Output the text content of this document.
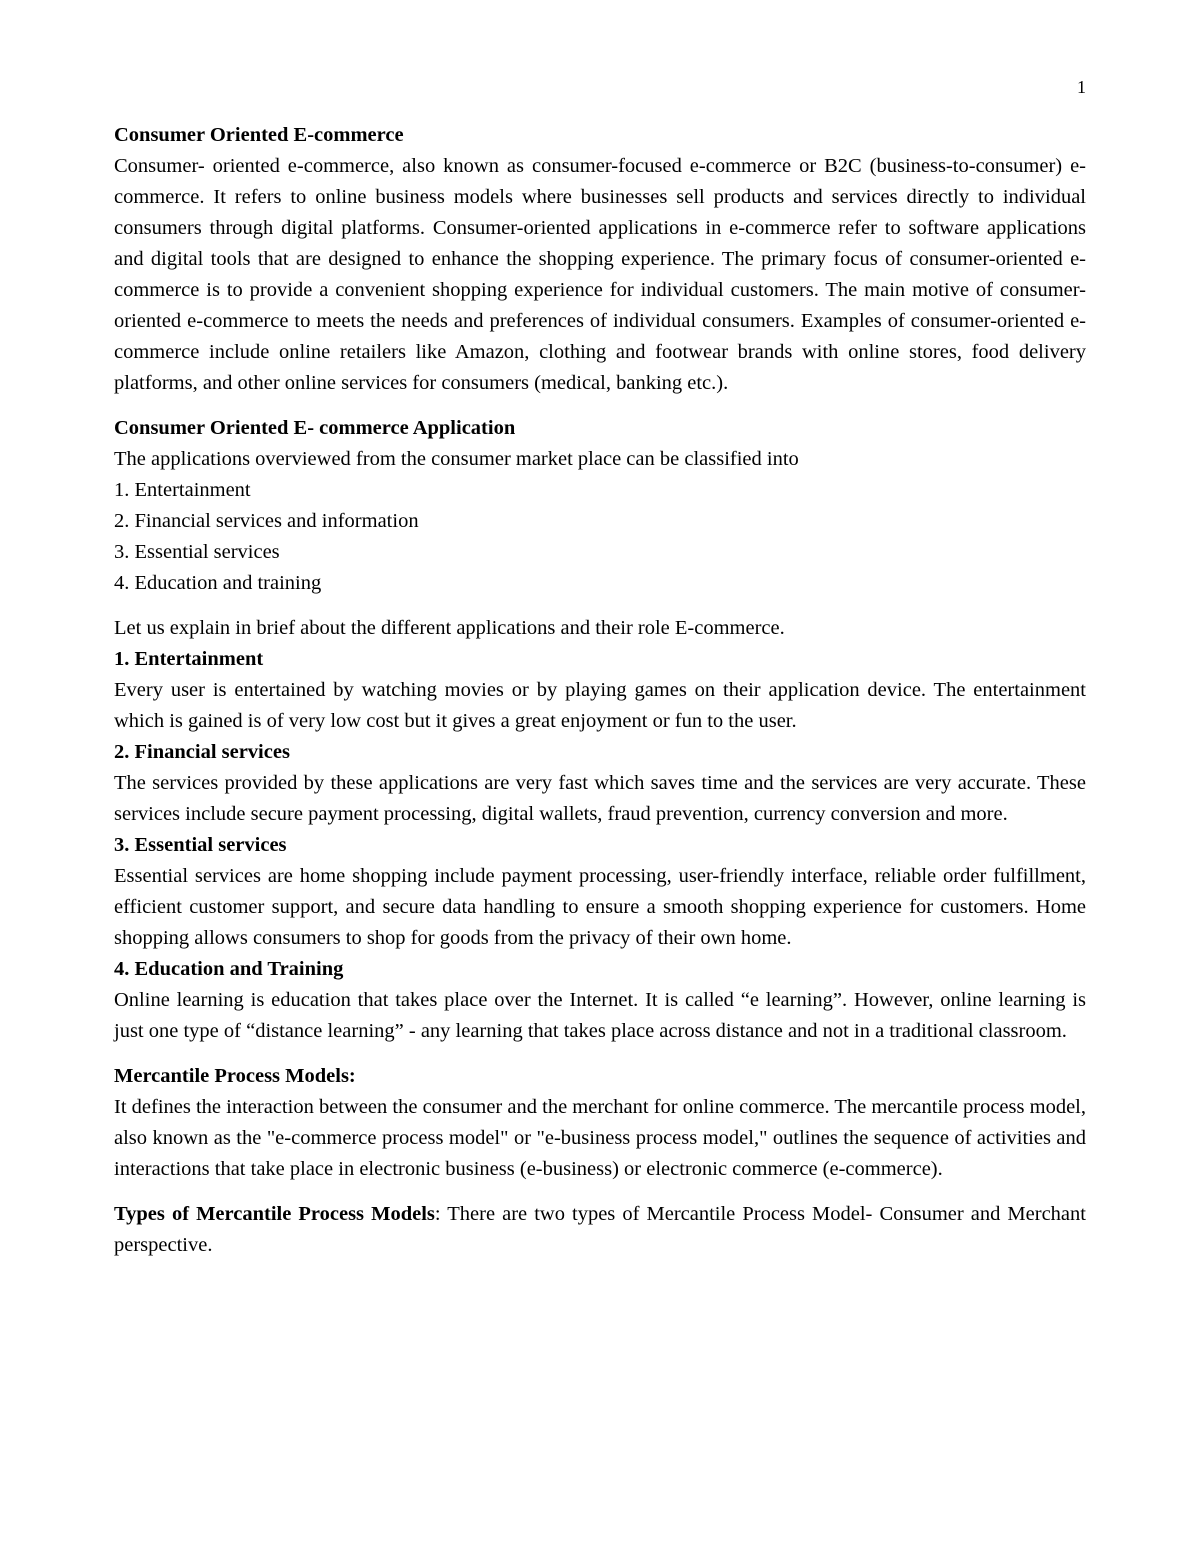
1

Consumer Oriented E-commerce

Consumer- oriented e-commerce, also known as consumer-focused e-commerce or B2C (business-to-consumer) e-commerce. It refers to online business models where businesses sell products and services directly to individual consumers through digital platforms. Consumer-oriented applications in e-commerce refer to software applications and digital tools that are designed to enhance the shopping experience. The primary focus of consumer-oriented e-commerce is to provide a convenient shopping experience for individual customers. The main motive of consumer-oriented e-commerce to meets the needs and preferences of individual consumers. Examples of consumer-oriented e-commerce include online retailers like Amazon, clothing and footwear brands with online stores, food delivery platforms, and other online services for consumers (medical, banking etc.).

Consumer Oriented E- commerce Application

The applications overviewed from the consumer market place can be classified into

1. Entertainment
2. Financial services and information
3. Essential services
4. Education and training

Let us explain in brief about the different applications and their role E-commerce.

1. Entertainment

Every user is entertained by watching movies or by playing games on their application device. The entertainment which is gained is of very low cost but it gives a great enjoyment or fun to the user.

2. Financial services

The services provided by these applications are very fast which saves time and the services are very accurate. These services include secure payment processing, digital wallets, fraud prevention, currency conversion and more.

3. Essential services

Essential services are home shopping include payment processing, user-friendly interface, reliable order fulfillment, efficient customer support, and secure data handling to ensure a smooth shopping experience for customers. Home shopping allows consumers to shop for goods from the privacy of their own home.

4. Education and Training

Online learning is education that takes place over the Internet. It is called “e learning”. However, online learning is just one type of “distance learning” - any learning that takes place across distance and not in a traditional classroom.

Mercantile Process Models:

It defines the interaction between the consumer and the merchant for online commerce. The mercantile process model, also known as the "e-commerce process model" or "e-business process model," outlines the sequence of activities and interactions that take place in electronic business (e-business) or electronic commerce (e-commerce).

Types of Mercantile Process Models: There are two types of Mercantile Process Model- Consumer and Merchant perspective.
